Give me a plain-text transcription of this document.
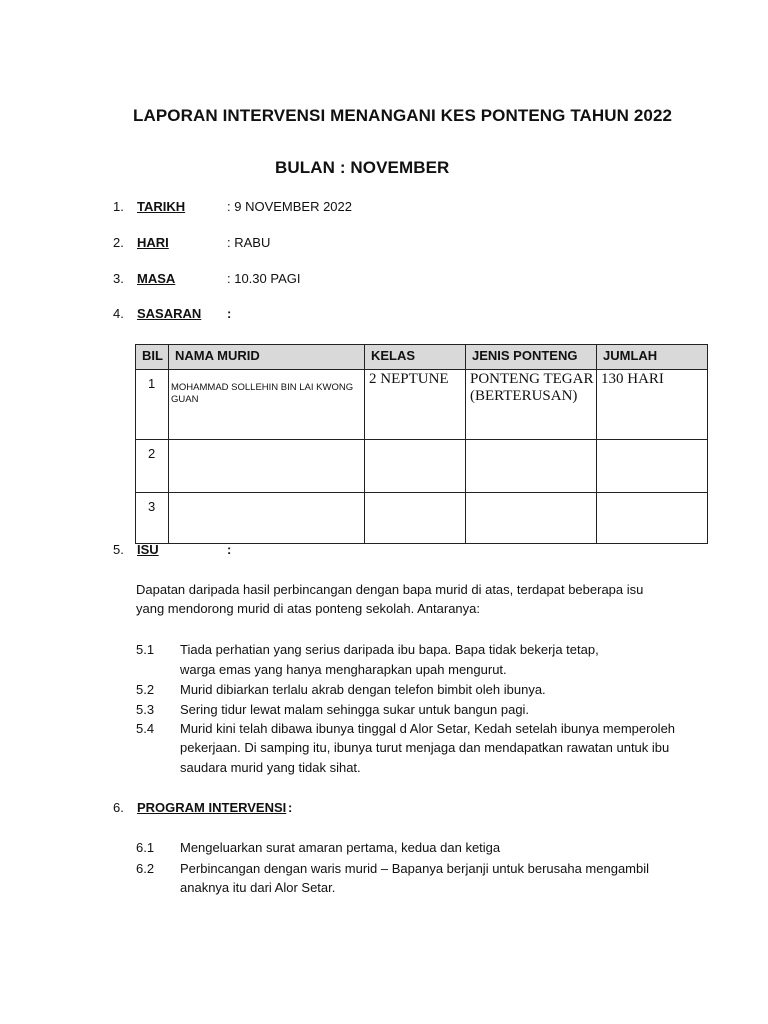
LAPORAN INTERVENSI MENANGANI KES PONTENG TAHUN 2022
BULAN : NOVEMBER
1. TARIKH	: 9 NOVEMBER 2022
2. HARI	: RABU
3. MASA	: 10.30 PAGI
4. SASARAN :
BIL	NAMA MURID	KELAS	JENIS PONTENG	JUMLAH
1	MOHAMMAD SOLLEHIN BIN LAI KWONG GUAN	2 NEPTUNE	PONTENG TEGAR (BERTERUSAN)	130 HARI
2				
3				
5. ISU	:
Dapatan daripada hasil perbincangan dengan bapa murid di atas, terdapat beberapa isu
yang mendorong murid di atas ponteng sekolah. Antaranya:
5.1 Tiada perhatian yang serius daripada ibu bapa. Bapa tidak bekerja tetap,
warga emas yang hanya mengharapkan upah mengurut.
5.2 Murid dibiarkan terlalu akrab dengan telefon bimbit oleh ibunya.
5.3 Sering tidur lewat malam sehingga sukar untuk bangun pagi.
5.4 Murid kini telah dibawa ibunya tinggal d Alor Setar, Kedah setelah ibunya memperoleh
pekerjaan. Di samping itu, ibunya turut menjaga dan mendapatkan rawatan untuk ibu
saudara murid yang tidak sihat.
6. PROGRAM INTERVENSI :
6.1 Mengeluarkan surat amaran pertama, kedua dan ketiga
6.2 Perbincangan dengan waris murid – Bapanya berjanji untuk berusaha mengambil
anaknya itu dari Alor Setar.
